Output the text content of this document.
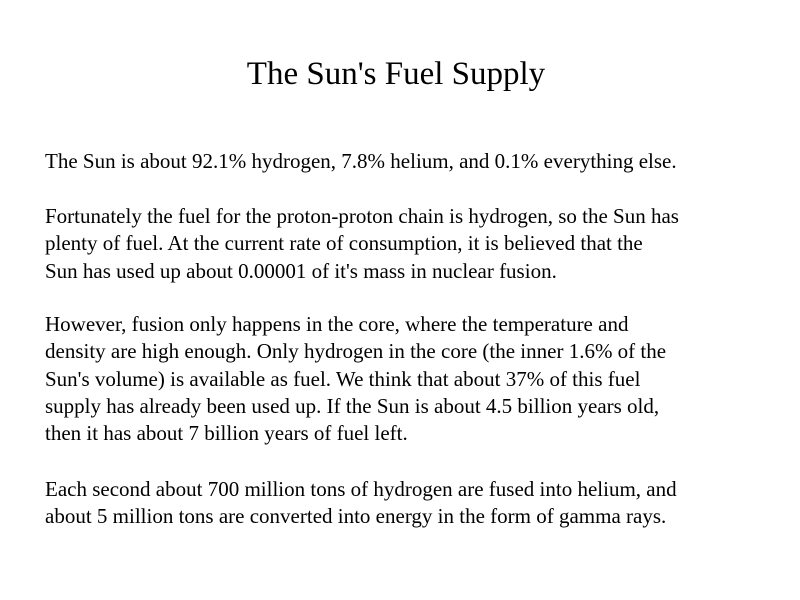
The Sun's Fuel Supply

The Sun is about 92.1% hydrogen, 7.8% helium, and 0.1% everything else.

Fortunately the fuel for the proton-proton chain is hydrogen, so the Sun has
plenty of fuel. At the current rate of consumption, it is believed that the
Sun has used up about 0.00001 of it's mass in nuclear fusion.

However, fusion only happens in the core, where the temperature and
density are high enough. Only hydrogen in the core (the inner 1.6% of the
Sun's volume) is available as fuel. We think that about 37% of this fuel
supply has already been used up. If the Sun is about 4.5 billion years old,
then it has about 7 billion years of fuel left.

Each second about 700 million tons of hydrogen are fused into helium, and
about 5 million tons are converted into energy in the form of gamma rays.
